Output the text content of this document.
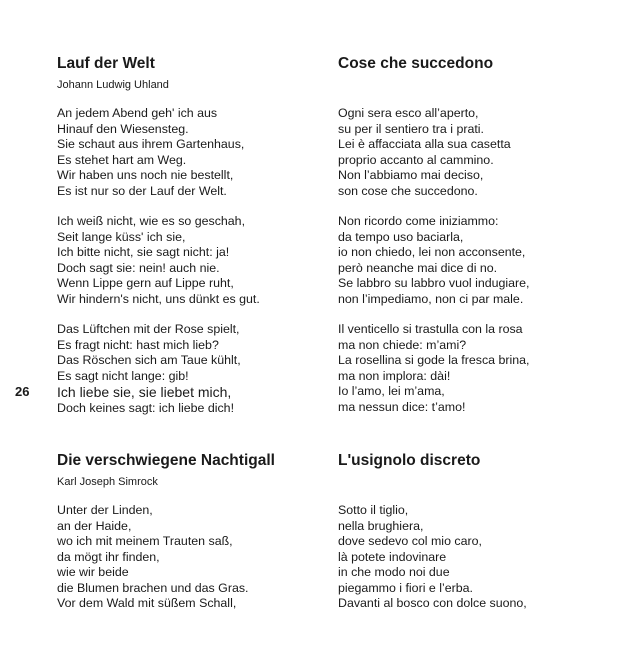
26
Lauf der Welt
Johann Ludwig Uhland
An jedem Abend geh' ich aus
Hinauf den Wiesensteg.
Sie schaut aus ihrem Gartenhaus,
Es stehet hart am Weg.
Wir haben uns noch nie bestellt,
Es ist nur so der Lauf der Welt.
Ich weiß nicht, wie es so geschah,
Seit lange küss' ich sie,
Ich bitte nicht, sie sagt nicht: ja!
Doch sagt sie: nein! auch nie.
Wenn Lippe gern auf Lippe ruht,
Wir hindern's nicht, uns dünkt es gut.
Das Lüftchen mit der Rose spielt,
Es fragt nicht: hast mich lieb?
Das Röschen sich am Taue kühlt,
Es sagt nicht lange: gib!
Ich liebe sie, sie liebet mich,
Doch keines sagt: ich liebe dich!
Cose che succedono
Ogni sera esco all’aperto,
su per il sentiero tra i prati.
Lei è affacciata alla sua casetta
proprio accanto al cammino.
Non l’abbiamo mai deciso,
son cose che succedono.
Non ricordo come iniziammo:
da tempo uso baciarla,
io non chiedo, lei non acconsente,
però neanche mai dice di no.
Se labbro su labbro vuol indugiare,
non l’impediamo, non ci par male.
Il venticello si trastulla con la rosa
ma non chiede: m’ami?
La rosellina si gode la fresca brina,
ma non implora: dài!
Io l’amo, lei m’ama,
ma nessun dice: t’amo!
Die verschwiegene Nachtigall
Karl Joseph Simrock
Unter der Linden,
an der Haide,
wo ich mit meinem Trauten saß,
da mögt ihr finden,
wie wir beide
die Blumen brachen und das Gras.
Vor dem Wald mit süßem Schall,
L'usignolo discreto
Sotto il tiglio,
nella brughiera,
dove sedevo col mio caro,
là potete indovinare
in che modo noi due
piegammo i fiori e l’erba.
Davanti al bosco con dolce suono,
